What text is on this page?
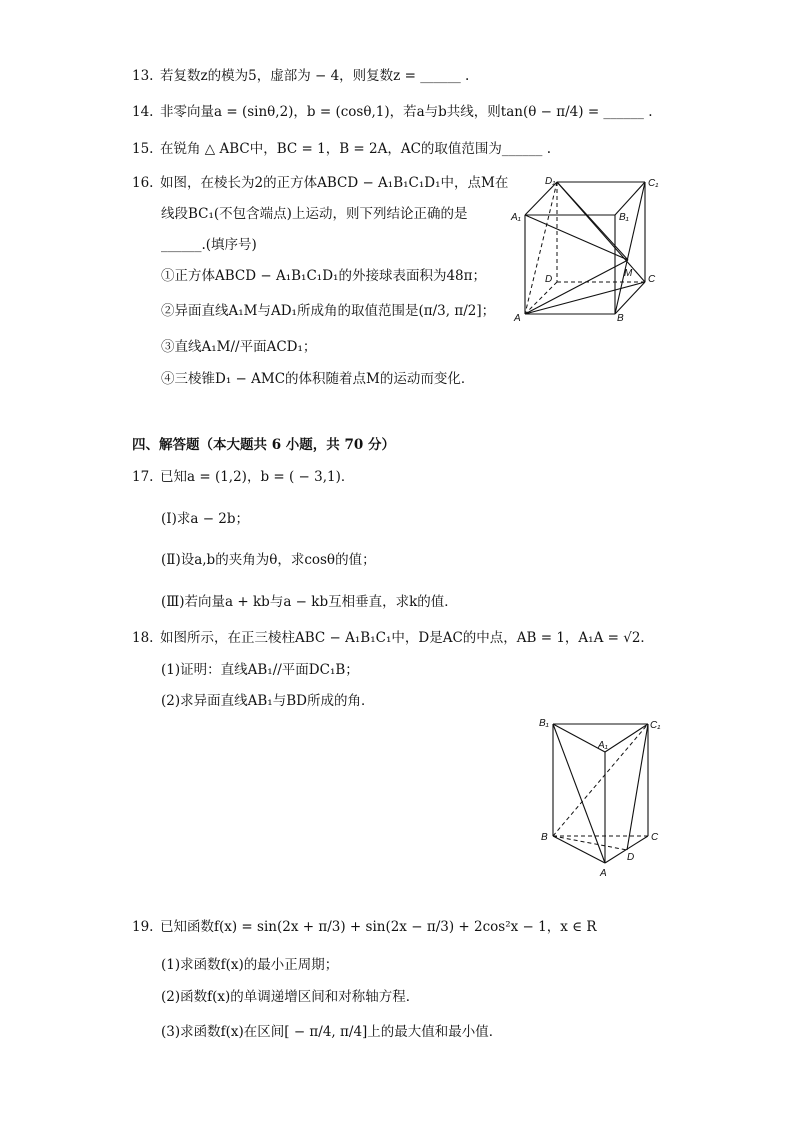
13. 若复数z的模为5，虚部为 − 4，则复数z = ______ .
14. 非零向量a = (sinθ,2)，b = (cosθ,1)，若a与b共线，则tan(θ − π/4) = ______ .
15. 在锐角 △ ABC中，BC = 1，B = 2A，AC的取值范围为______ .
16. 如图，在棱长为2的正方体ABCD − A₁B₁C₁D₁中，点M在
线段BC₁(不包含端点)上运动，则下列结论正确的是
______.(填序号)
①正方体ABCD − A₁B₁C₁D₁的外接球表面积为48π；
②异面直线A₁M与AD₁所成角的取值范围是(π/3, π/2]；
③直线A₁M//平面ACD₁；
④三棱锥D₁ − AMC的体积随着点M的运动而变化．
D₁	C₁
A₁	B₁
D	C
M
A	B
四、解答题（本大题共 6 小题，共 70 分）
17. 已知a = (1,2)，b = ( − 3,1)．
(Ⅰ)求a − 2b；
(Ⅱ)设a,b的夹角为θ，求cosθ的值；
(Ⅲ)若向量a + kb与a − kb互相垂直，求k的值．
18. 如图所示，在正三棱柱ABC − A₁B₁C₁中，D是AC的中点，AB = 1，A₁A = √2．
(1)证明：直线AB₁//平面DC₁B；
(2)求异面直线AB₁与BD所成的角．
B₁	C₁
A₁
B	C
A
D
19. 已知函数f(x) = sin(2x + π/3) + sin(2x − π/3) + 2cos²x − 1，x ∈ R
(1)求函数f(x)的最小正周期；
(2)函数f(x)的单调递增区间和对称轴方程．
(3)求函数f(x)在区间[ − π/4, π/4]上的最大值和最小值．
